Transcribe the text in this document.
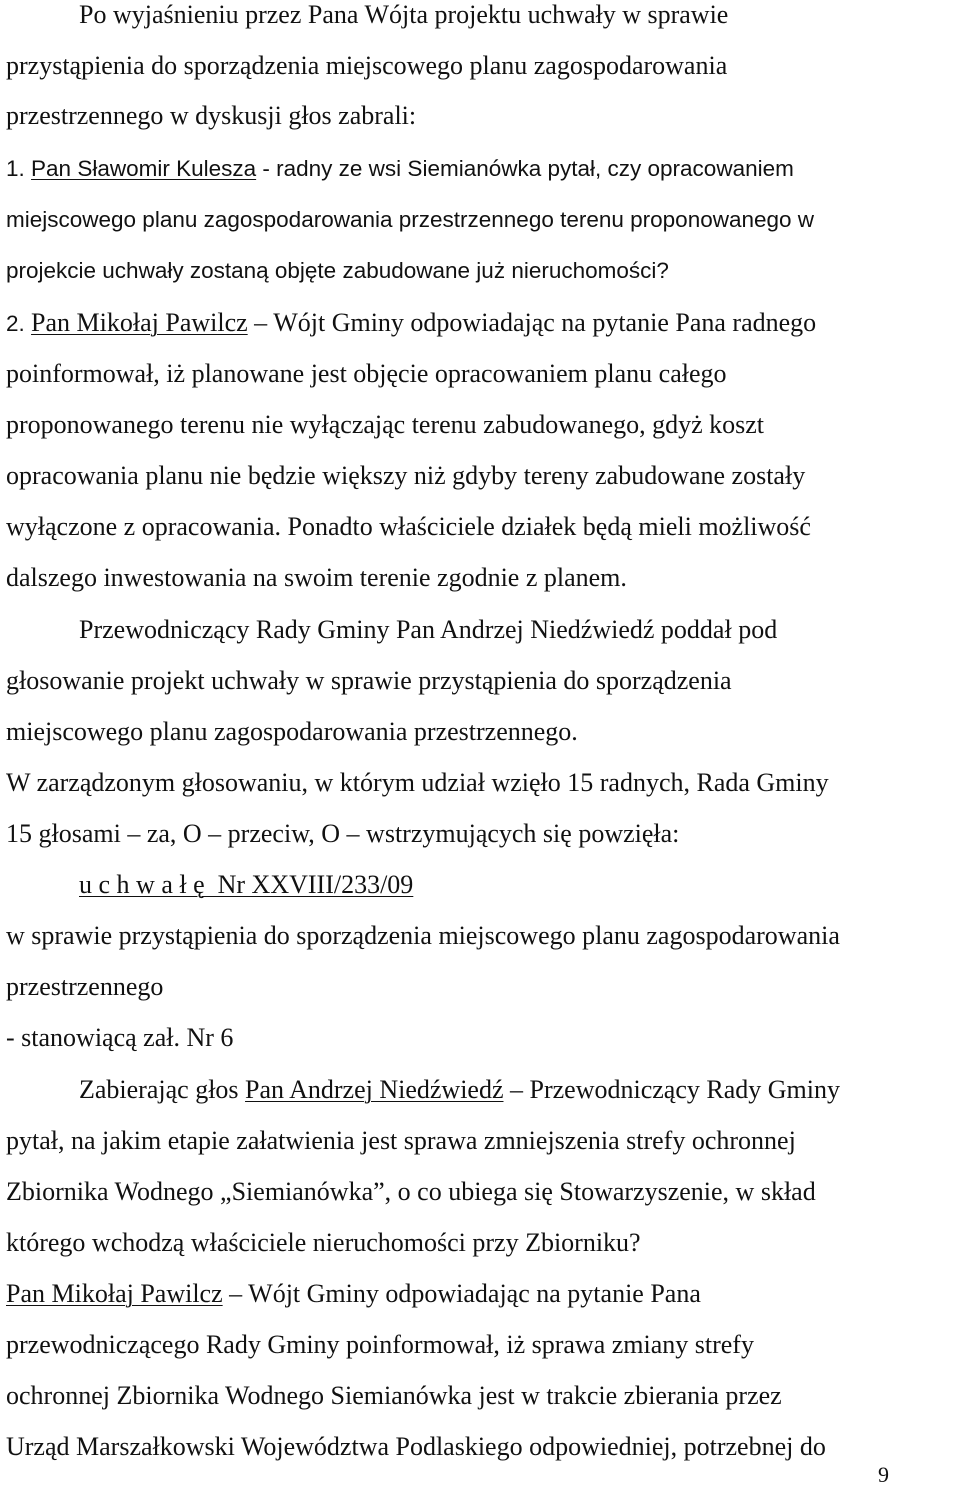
Po wyjaśnieniu przez Pana Wójta projektu uchwały w sprawie
przystąpienia do sporządzenia miejscowego planu zagospodarowania
przestrzennego w dyskusji głos zabrali:
1. Pan Sławomir Kulesza - radny ze wsi Siemianówka pytał, czy opracowaniem
miejscowego planu zagospodarowania przestrzennego terenu proponowanego w
projekcie uchwały zostaną objęte zabudowane już nieruchomości?
2. Pan Mikołaj Pawilcz – Wójt Gminy odpowiadając na pytanie Pana radnego
poinformował, iż planowane jest objęcie opracowaniem planu całego
proponowanego terenu nie wyłączając terenu zabudowanego, gdyż koszt
opracowania planu nie będzie większy niż gdyby tereny zabudowane zostały
wyłączone z opracowania. Ponadto właściciele działek będą mieli możliwość
dalszego inwestowania na swoim terenie zgodnie z planem.
Przewodniczący Rady Gminy Pan Andrzej Niedźwiedź poddał pod
głosowanie projekt uchwały w sprawie przystąpienia do sporządzenia
miejscowego planu zagospodarowania przestrzennego.
W zarządzonym głosowaniu, w którym udział wzięło 15 radnych, Rada Gminy
15 głosami – za, O – przeciw, O – wstrzymujących się powzięła:
u c h w a ł ę  Nr XXVIII/233/09
w sprawie przystąpienia do sporządzenia miejscowego planu zagospodarowania
przestrzennego
- stanowiącą zał. Nr 6
Zabierając głos Pan Andrzej Niedźwiedź – Przewodniczący Rady Gminy
pytał, na jakim etapie załatwienia jest sprawa zmniejszenia strefy ochronnej
Zbiornika Wodnego „Siemianówka”, o co ubiega się Stowarzyszenie, w skład
którego wchodzą właściciele nieruchomości przy Zbiorniku?
Pan Mikołaj Pawilcz – Wójt Gminy odpowiadając na pytanie Pana
przewodniczącego Rady Gminy poinformował, iż sprawa zmiany strefy
ochronnej Zbiornika Wodnego Siemianówka jest w trakcie zbierania przez
Urząd Marszałkowski Województwa Podlaskiego odpowiedniej, potrzebnej do
9
